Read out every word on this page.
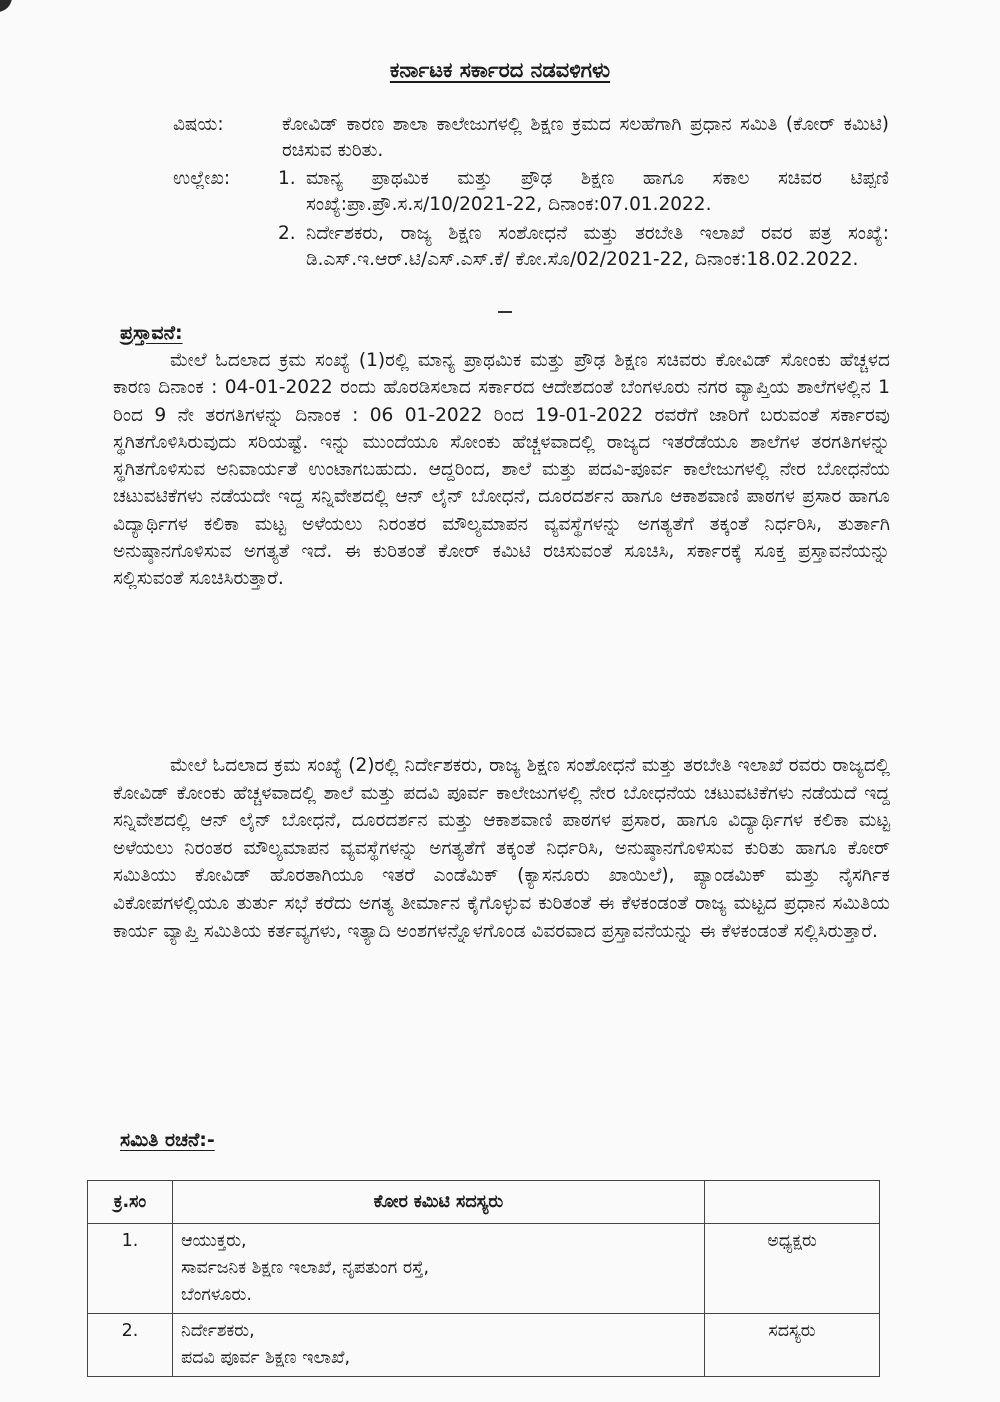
ಕರ್ನಾಟಕ ಸರ್ಕಾರದ ನಡವಳಿಗಳು
ವಿಷಯ:	ಕೋವಿಡ್ ಕಾರಣ ಶಾಲಾ ಕಾಲೇಜುಗಳಲ್ಲಿ ಶಿಕ್ಷಣ ಕ್ರಮದ ಸಲಹೆಗಾಗಿ ಪ್ರಧಾನ ಸಮಿತಿ (ಕೋರ್ ಕಮಿಟಿ) ರಚಿಸುವ ಕುರಿತು.
ಉಲ್ಲೇಖ:	1. ಮಾನ್ಯ ಪ್ರಾಥಮಿಕ ಮತ್ತು ಪ್ರೌಢ ಶಿಕ್ಷಣ ಹಾಗೂ ಸಕಾಲ ಸಚಿವರ ಟಿಪ್ಪಣಿ ಸಂಖ್ಯೆ:ಪ್ರಾ.ಪ್ರೌ.ಸ.ಸ/10/2021-22, ದಿನಾಂಕ:07.01.2022.
2. ನಿರ್ದೇಶಕರು, ರಾಜ್ಯ ಶಿಕ್ಷಣ ಸಂಶೋಧನೆ ಮತ್ತು ತರಬೇತಿ ಇಲಾಖೆ ರವರ ಪತ್ರ ಸಂಖ್ಯೆ: ಡಿ.ಎಸ್.ಇ.ಆರ್.ಟಿ/ಎಸ್.ಎಸ್.ಕೆ/ ಕೋ.ಸೊ/02/2021-22, ದಿನಾಂಕ:18.02.2022.
ಪ್ರಸ್ತಾವನೆ:
ಮೇಲೆ ಓದಲಾದ ಕ್ರಮ ಸಂಖ್ಯೆ (1)ರಲ್ಲಿ ಮಾನ್ಯ ಪ್ರಾಥಮಿಕ ಮತ್ತು ಪ್ರೌಢ ಶಿಕ್ಷಣ ಸಚಿವರು ಕೋವಿಡ್ ಸೋಂಕು ಹೆಚ್ಚಳದ ಕಾರಣ ದಿನಾಂಕ : 04-01-2022 ರಂದು ಹೊರಡಿಸಲಾದ ಸರ್ಕಾರದ ಆದೇಶದಂತೆ ಬೆಂಗಳೂರು ನಗರ ವ್ಯಾಪ್ತಿಯ ಶಾಲೆಗಳಲ್ಲಿನ 1 ರಿಂದ 9 ನೇ ತರಗತಿಗಳನ್ನು ದಿನಾಂಕ : 06 01-2022 ರಿಂದ 19-01-2022 ರವರೆಗೆ ಜಾರಿಗೆ ಬರುವಂತೆ ಸರ್ಕಾರವು ಸ್ಥಗಿತಗೊಳಿಸಿರುವುದು ಸರಿಯಷ್ಟೆ. ಇನ್ನು ಮುಂದೆಯೂ ಸೋಂಕು ಹೆಚ್ಚಳವಾದಲ್ಲಿ ರಾಜ್ಯದ ಇತರೆಡೆಯೂ ಶಾಲೆಗಳ ತರಗತಿಗಳನ್ನು ಸ್ಥಗಿತಗೊಳಿಸುವ ಅನಿವಾರ್ಯತೆ ಉಂಟಾಗಬಹುದು. ಆದ್ದರಿಂದ, ಶಾಲೆ ಮತ್ತು ಪದವಿ-ಪೂರ್ವ ಕಾಲೇಜುಗಳಲ್ಲಿ ನೇರ ಬೋಧನೆಯ ಚಟುವಟಿಕೆಗಳು ನಡೆಯದೇ ಇದ್ದ ಸನ್ನಿವೇಶದಲ್ಲಿ ಆನ್ ಲೈನ್ ಬೋಧನೆ, ದೂರದರ್ಶನ ಹಾಗೂ ಆಕಾಶವಾಣಿ ಪಾಠಗಳ ಪ್ರಸಾರ ಹಾಗೂ ವಿದ್ಯಾರ್ಥಿಗಳ ಕಲಿಕಾ ಮಟ್ಟ ಅಳೆಯಲು ನಿರಂತರ ಮೌಲ್ಯಮಾಪನ ವ್ಯವಸ್ಥೆಗಳನ್ನು ಅಗತ್ಯತೆಗೆ ತಕ್ಕಂತೆ ನಿರ್ಧರಿಸಿ, ತುರ್ತಾಗಿ ಅನುಷ್ಠಾನಗೊಳಿಸುವ ಅಗತ್ಯತೆ ಇದೆ. ಈ ಕುರಿತಂತೆ ಕೋರ್ ಕಮಿಟಿ ರಚಿಸುವಂತೆ ಸೂಚಿಸಿ, ಸರ್ಕಾರಕ್ಕೆ ಸೂಕ್ತ ಪ್ರಸ್ತಾವನೆಯನ್ನು ಸಲ್ಲಿಸುವಂತೆ ಸೂಚಿಸಿರುತ್ತಾರೆ.
ಮೇಲೆ ಓದಲಾದ ಕ್ರಮ ಸಂಖ್ಯೆ (2)ರಲ್ಲಿ ನಿರ್ದೇಶಕರು, ರಾಜ್ಯ ಶಿಕ್ಷಣ ಸಂಶೋಧನೆ ಮತ್ತು ತರಬೇತಿ ಇಲಾಖೆ ರವರು ರಾಜ್ಯದಲ್ಲಿ ಕೋವಿಡ್ ಕೋಂಕು ಹೆಚ್ಚಳವಾದಲ್ಲಿ ಶಾಲೆ ಮತ್ತು ಪದವಿ ಪೂರ್ವ ಕಾಲೇಜುಗಳಲ್ಲಿ ನೇರ ಬೋಧನೆಯ ಚಟುವಟಿಕೆಗಳು ನಡೆಯದೆ ಇದ್ದ ಸನ್ನಿವೇಶದಲ್ಲಿ ಆನ್ ಲೈನ್ ಬೋಧನೆ, ದೂರದರ್ಶನ ಮತ್ತು ಆಕಾಶವಾಣಿ ಪಾಠಗಳ ಪ್ರಸಾರ, ಹಾಗೂ ವಿದ್ಯಾರ್ಥಿಗಳ ಕಲಿಕಾ ಮಟ್ಟ ಅಳೆಯಲು ನಿರಂತರ ಮೌಲ್ಯಮಾಪನ ವ್ಯವಸ್ಥೆಗಳನ್ನು ಅಗತ್ಯತೆಗೆ ತಕ್ಕಂತೆ ನಿರ್ಧರಿಸಿ, ಅನುಷ್ಠಾನಗೊಳಿಸುವ ಕುರಿತು ಹಾಗೂ ಕೋರ್ ಸಮಿತಿಯು ಕೋವಿಡ್ ಹೊರತಾಗಿಯೂ ಇತರೆ ಎಂಡೆಮಿಕ್ (ಕ್ಯಾಸನೂರು ಖಾಯಿಲೆ), ಪ್ಯಾಂಡಮಿಕ್ ಮತ್ತು ನೈಸರ್ಗಿಕ ವಿಕೋಪಗಳಲ್ಲಿಯೂ ತುರ್ತು ಸಭೆ ಕರೆದು ಅಗತ್ಯ ತೀರ್ಮಾನ ಕೈಗೊಳ್ಳುವ ಕುರಿತಂತೆ ಈ ಕೆಳಕಂಡಂತೆ ರಾಜ್ಯ ಮಟ್ಟದ ಪ್ರಧಾನ ಸಮಿತಿಯ ಕಾರ್ಯ ವ್ಯಾಪ್ತಿ ಸಮಿತಿಯ ಕರ್ತವ್ಯಗಳು, ಇತ್ಯಾದಿ ಅಂಶಗಳನ್ನೊಳಗೊಂಡ ವಿವರವಾದ ಪ್ರಸ್ತಾವನೆಯನ್ನು ಈ ಕೆಳಕಂಡಂತೆ ಸಲ್ಲಿಸಿರುತ್ತಾರೆ.
ಸಮಿತಿ ರಚನೆ:-
ಕ್ರ.ಸಂ	ಕೋರ ಕಮಿಟಿ ಸದಸ್ಯರು	
1.	ಆಯುಕ್ತರು,
ಸಾರ್ವಜನಿಕ ಶಿಕ್ಷಣ ಇಲಾಖೆ, ನೃಪತುಂಗ ರಸ್ತೆ,
ಬೆಂಗಳೂರು.	ಅಧ್ಯಕ್ಷರು
2.	ನಿರ್ದೇಶಕರು,
ಪದವಿ ಪೂರ್ವ ಶಿಕ್ಷಣ ಇಲಾಖೆ,	ಸದಸ್ಯರು
